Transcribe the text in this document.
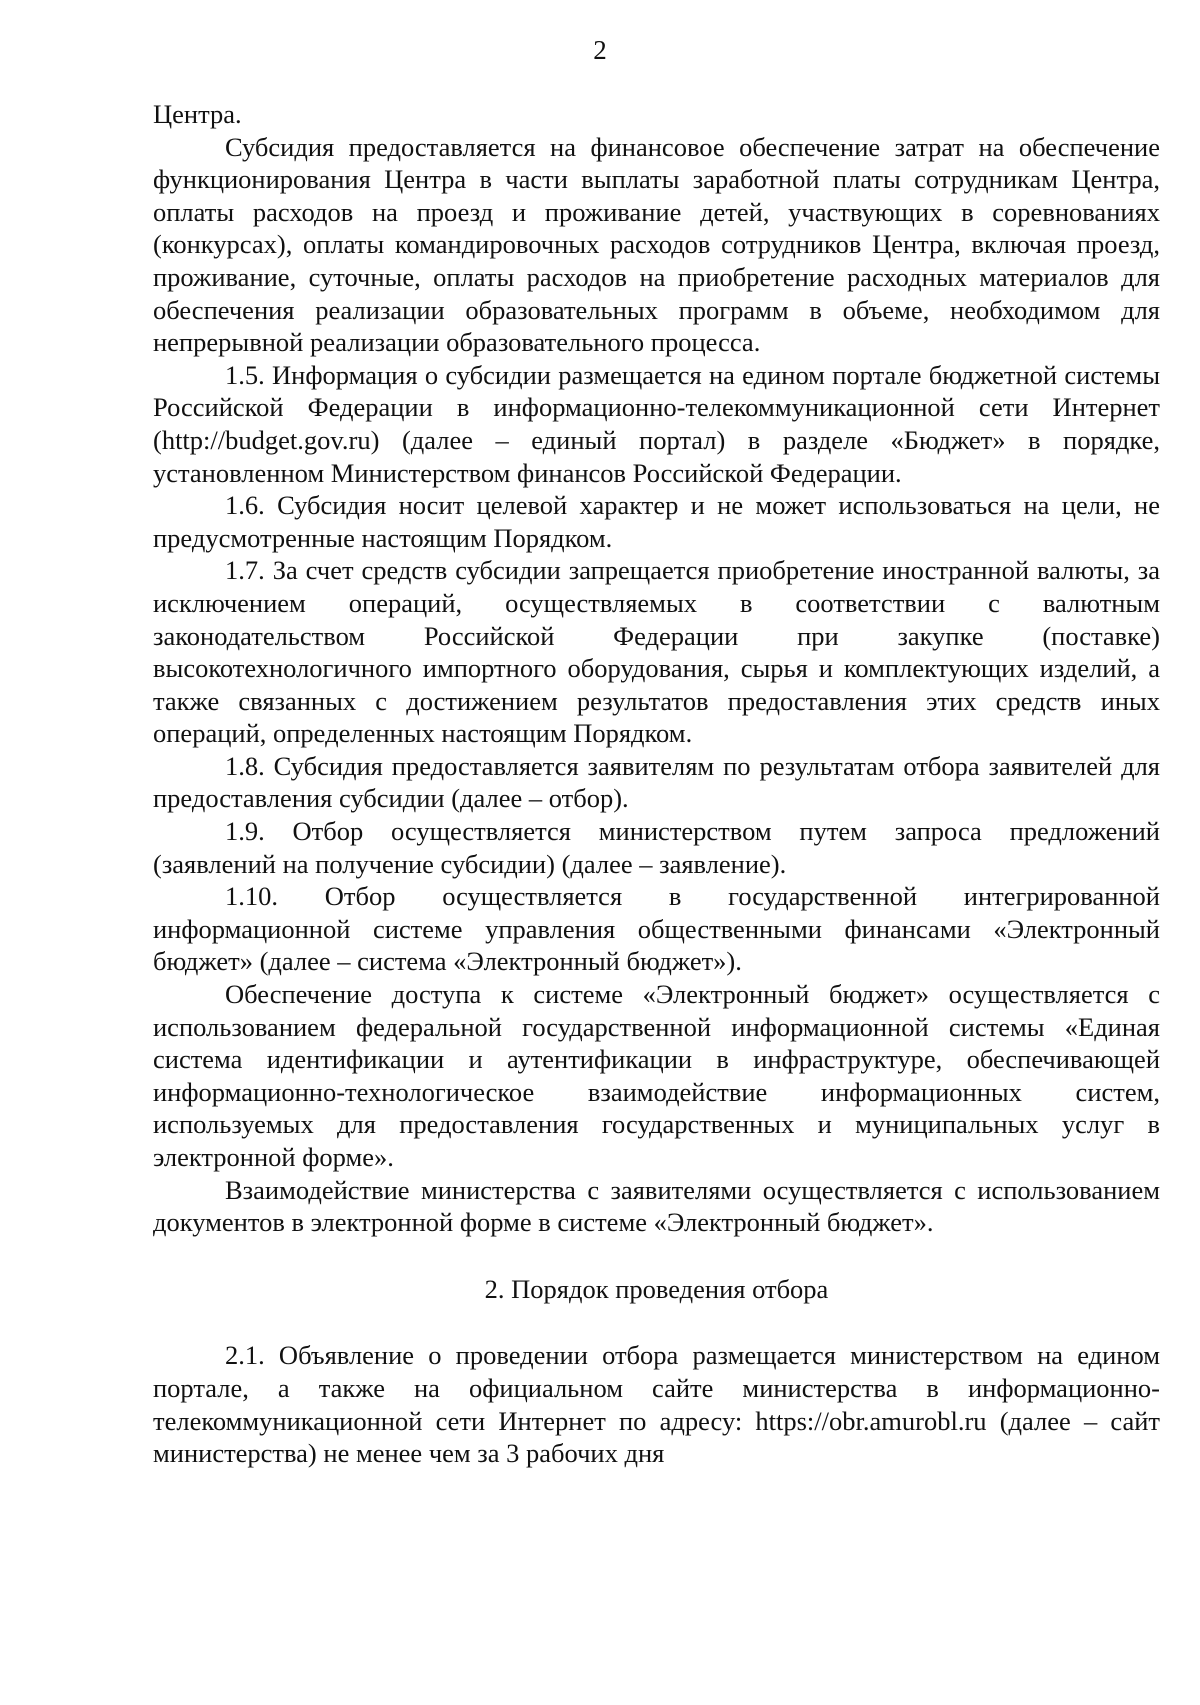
2

Центра.

Субсидия предоставляется на финансовое обеспечение затрат на обеспечение функционирования Центра в части выплаты заработной платы сотрудникам Центра, оплаты расходов на проезд и проживание детей, участвующих в соревнованиях (конкурсах), оплаты командировочных расходов сотрудников Центра, включая проезд, проживание, суточные, оплаты расходов на приобретение расходных материалов для обеспечения реализации образовательных программ в объеме, необходимом для непрерывной реализации образовательного процесса.

1.5. Информация о субсидии размещается на едином портале бюджетной системы Российской Федерации в информационно-телекоммуникационной сети Интернет (http://budget.gov.ru) (далее – единый портал) в разделе «Бюджет» в порядке, установленном Министерством финансов Российской Федерации.

1.6. Субсидия носит целевой характер и не может использоваться на цели, не предусмотренные настоящим Порядком.

1.7. За счет средств субсидии запрещается приобретение иностранной валюты, за исключением операций, осуществляемых в соответствии с валютным законодательством Российской Федерации при закупке (поставке) высокотехнологичного импортного оборудования, сырья и комплектующих изделий, а также связанных с достижением результатов предоставления этих средств иных операций, определенных настоящим Порядком.

1.8. Субсидия предоставляется заявителям по результатам отбора заявителей для предоставления субсидии (далее – отбор).

1.9. Отбор осуществляется министерством путем запроса предложений (заявлений на получение субсидии) (далее – заявление).

1.10. Отбор осуществляется в государственной интегрированной информационной системе управления общественными финансами «Электронный бюджет» (далее – система «Электронный бюджет»).

Обеспечение доступа к системе «Электронный бюджет» осуществляется с использованием федеральной государственной информационной системы «Единая система идентификации и аутентификации в инфраструктуре, обеспечивающей информационно-технологическое взаимодействие информационных систем, используемых для предоставления государственных и муниципальных услуг в электронной форме».

Взаимодействие министерства с заявителями осуществляется с использованием документов в электронной форме в системе «Электронный бюджет».

2. Порядок проведения отбора

2.1. Объявление о проведении отбора размещается министерством на едином портале, а также на официальном сайте министерства в информационно-телекоммуникационной сети Интернет по адресу: https://obr.amurobl.ru (далее – сайт министерства) не менее чем за 3 рабочих дня
